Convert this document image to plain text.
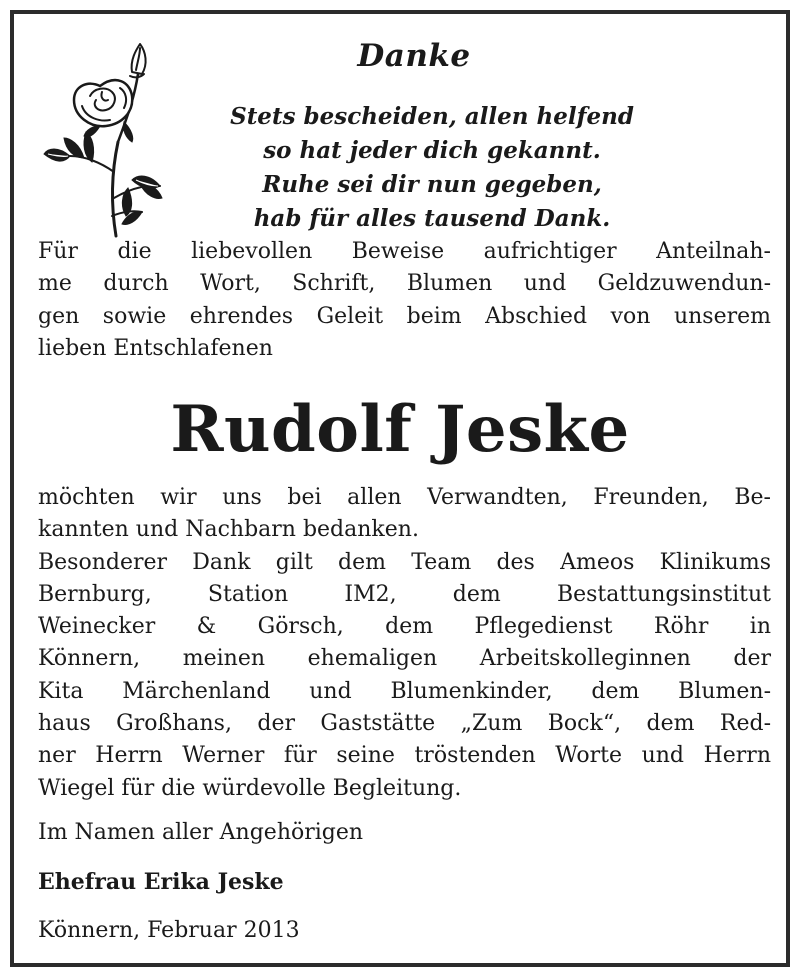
Danke
Stets bescheiden, allen helfend
so hat jeder dich gekannt.
Ruhe sei dir nun gegeben,
hab für alles tausend Dank.
Für die liebevollen Beweise aufrichtiger Anteilnah-
me durch Wort, Schrift, Blumen und Geldzuwendun-
gen sowie ehrendes Geleit beim Abschied von unserem
lieben Entschlafenen
Rudolf Jeske
möchten wir uns bei allen Verwandten, Freunden, Be-
kannten und Nachbarn bedanken.
Besonderer Dank gilt dem Team des Ameos Klinikums
Bernburg, Station IM2, dem Bestattungsinstitut
Weinecker & Görsch, dem Pflegedienst Röhr in
Könnern, meinen ehemaligen Arbeitskolleginnen der
Kita Märchenland und Blumenkinder, dem Blumen-
haus Großhans, der Gaststätte „Zum Bock“, dem Red-
ner Herrn Werner für seine tröstenden Worte und Herrn
Wiegel für die würdevolle Begleitung.
Im Namen aller Angehörigen
Ehefrau Erika Jeske
Könnern, Februar 2013
